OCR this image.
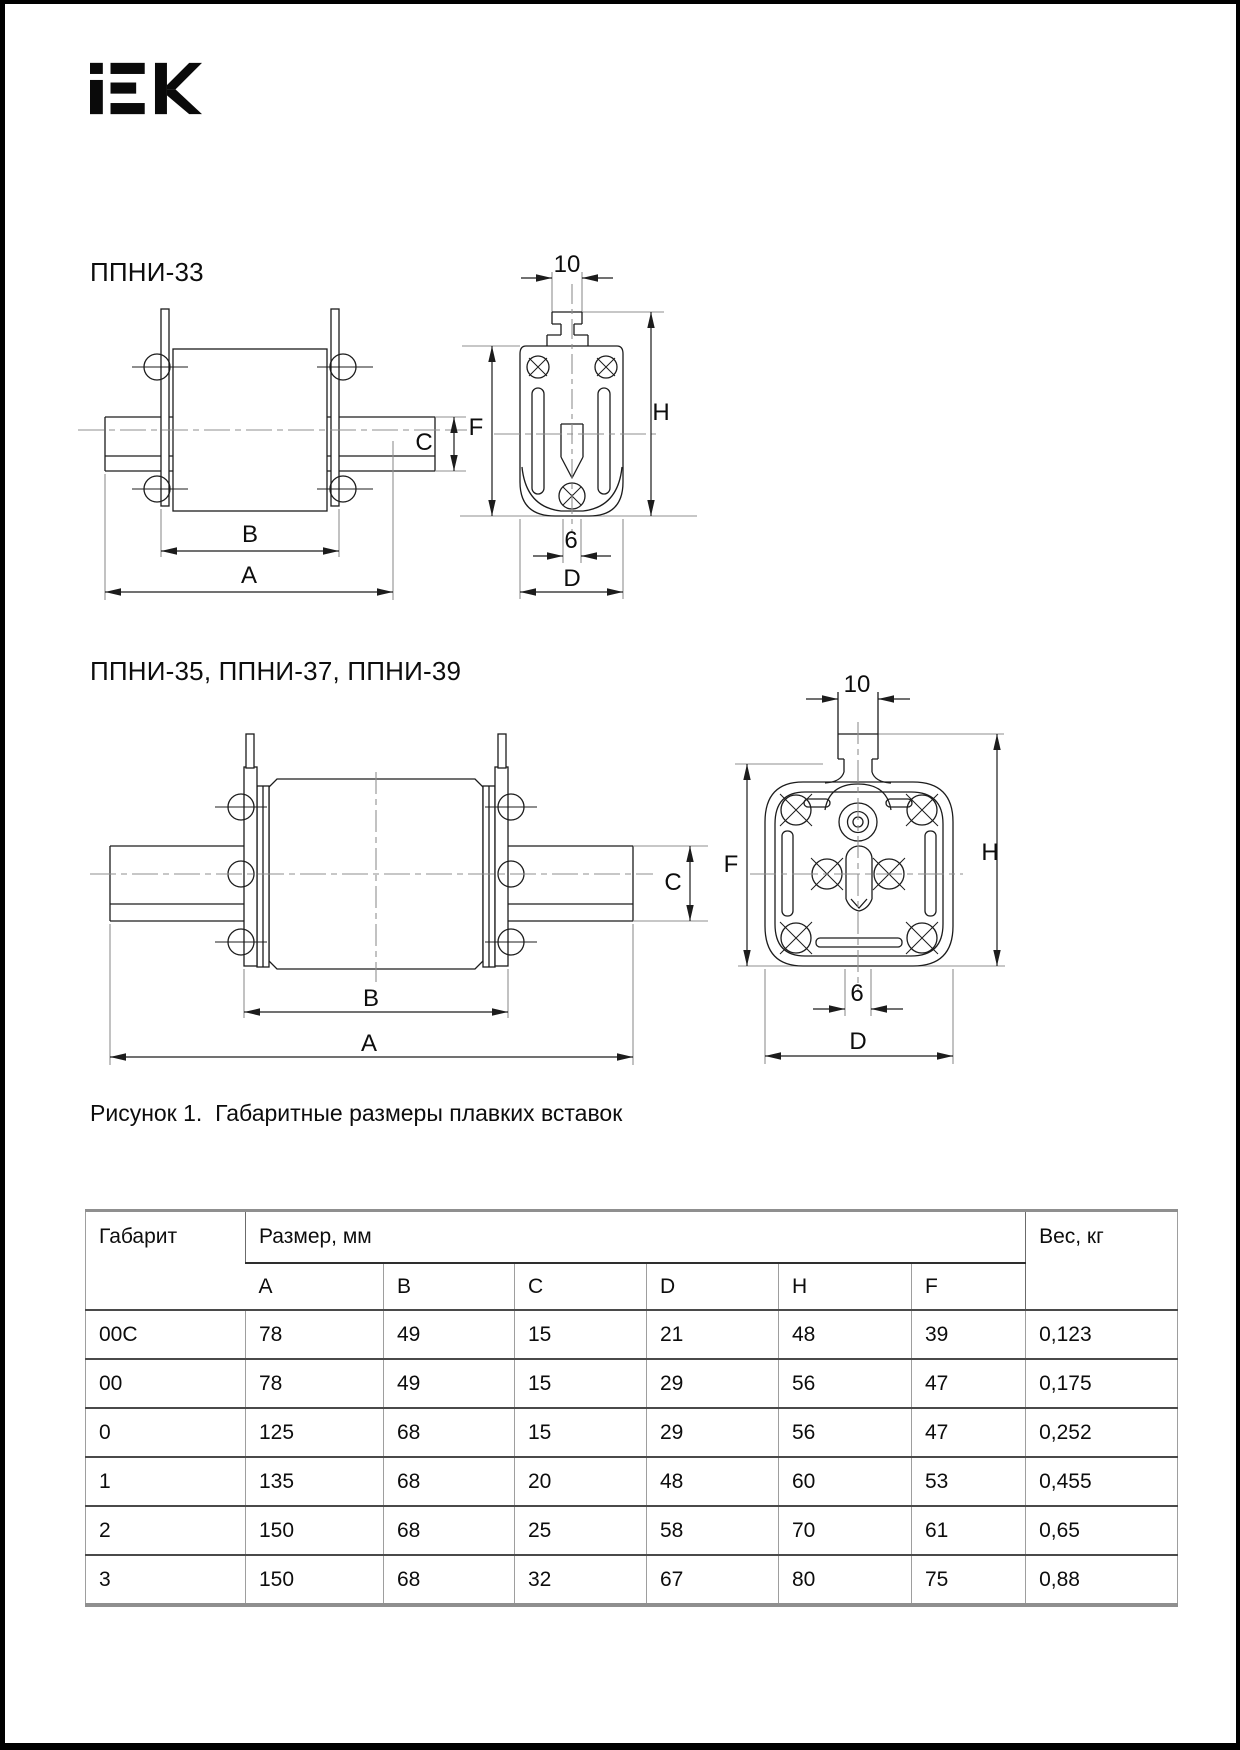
ППНИ-33
ППНИ-35, ППНИ-37, ППНИ-39
10
B
A
C
F
H
6
D
10
B
A
C
F	H
6
D
Рисунок 1.  Габаритные размеры плавких вставок
Габарит	Размер, мм						Вес, кг
	A	B	C	D	H	F	
00C	78	49	15	21	48	39	0,123
00	78	49	15	29	56	47	0,175
0	125	68	15	29	56	47	0,252
1	135	68	20	48	60	53	0,455
2	150	68	25	58	70	61	0,65
3	150	68	32	67	80	75	0,88
